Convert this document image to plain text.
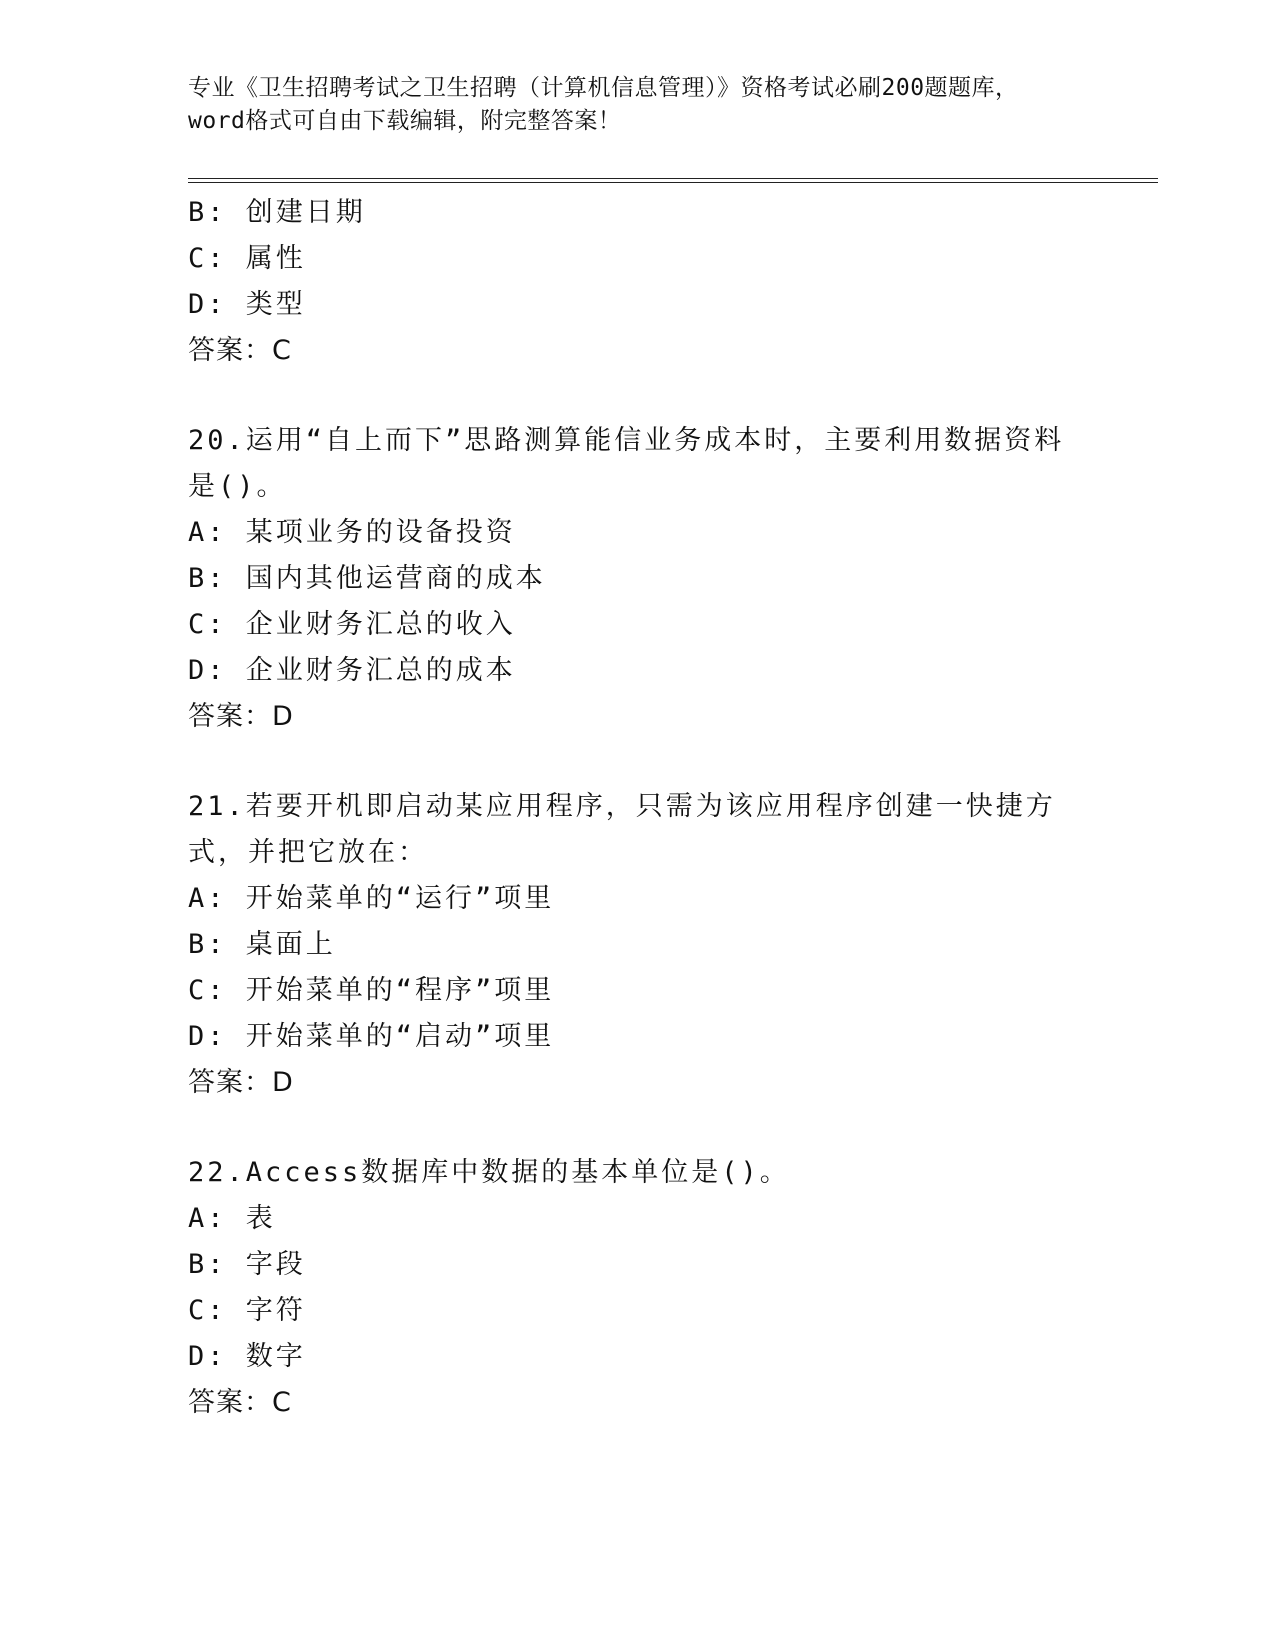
专业《卫生招聘考试之卫生招聘（计算机信息管理）》资格考试必刷200题题库，
word格式可自由下载编辑，附完整答案！
B: 创建日期
C: 属性
D: 类型
答案：C
20.运用“自上而下”思路测算能信业务成本时，主要利用数据资料是()。
A: 某项业务的设备投资
B: 国内其他运营商的成本
C: 企业财务汇总的收入
D: 企业财务汇总的成本
答案：D
21.若要开机即启动某应用程序，只需为该应用程序创建一快捷方式，并把它放在：
A: 开始菜单的“运行”项里
B: 桌面上
C: 开始菜单的“程序”项里
D: 开始菜单的“启动”项里
答案：D
22.Access数据库中数据的基本单位是()。
A: 表
B: 字段
C: 字符
D: 数字
答案：C
